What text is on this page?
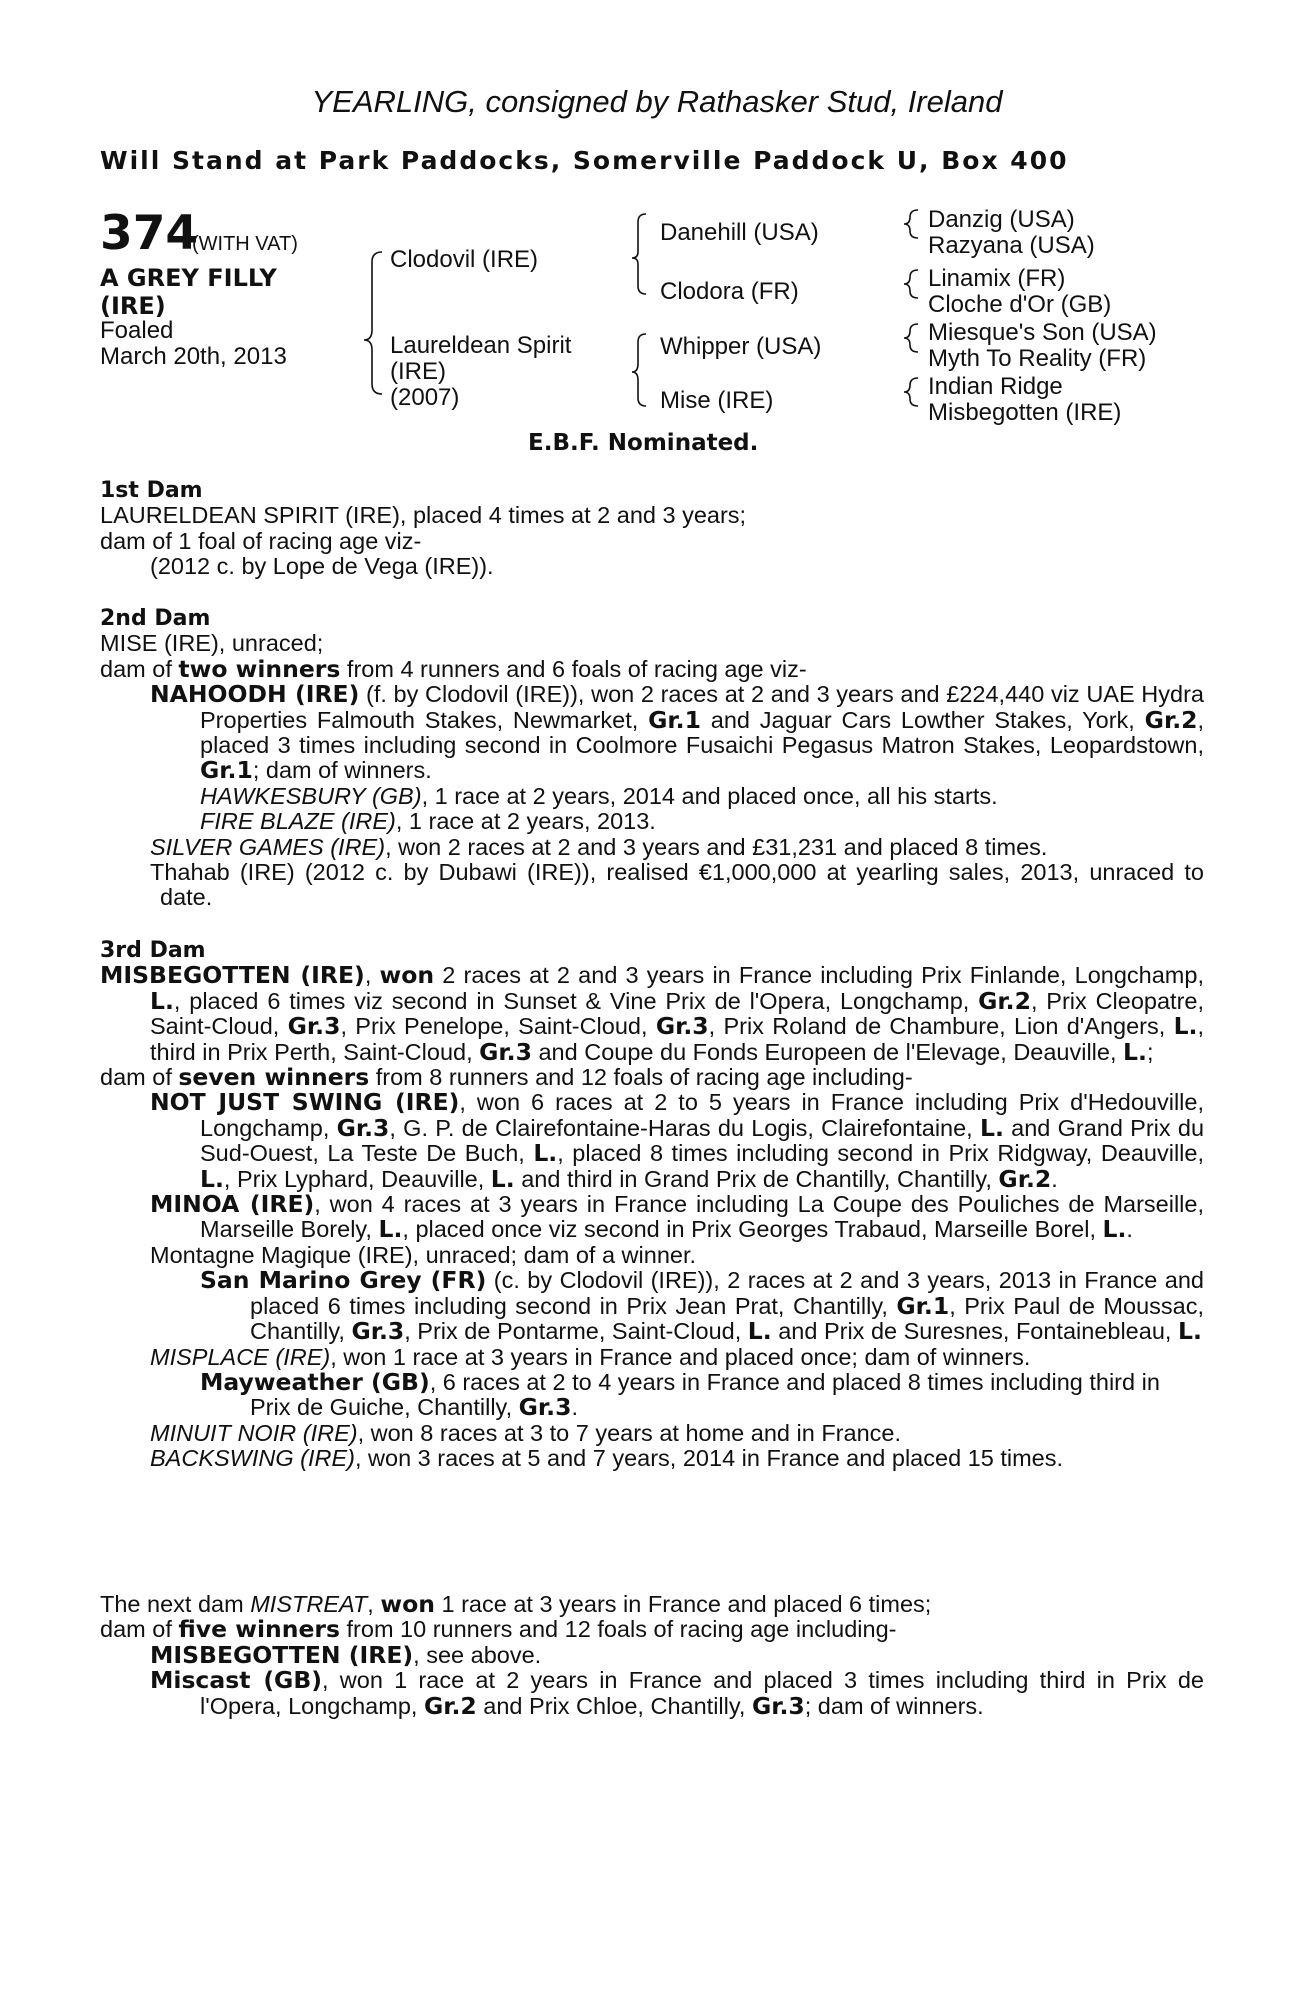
YEARLING, consigned by Rathasker Stud, Ireland
Will Stand at Park Paddocks, Somerville Paddock U, Box 400
374
(WITH VAT)
A GREY FILLY
(IRE)
Foaled
March 20th, 2013
Clodovil (IRE)
Laureldean Spirit
(IRE)
(2007)
Danehill (USA)
Clodora (FR)
Whipper (USA)
Mise (IRE)
Danzig (USA)
Razyana (USA)
Linamix (FR)
Cloche d'Or (GB)
Miesque's Son (USA)
Myth To Reality (FR)
Indian Ridge
Misbegotten (IRE)
E.B.F. Nominated.

1st Dam

LAURELDEAN SPIRIT (IRE), placed 4 times at 2 and 3 years;

dam of 1 foal of racing age viz-

(2012 c. by Lope de Vega (IRE)).

2nd Dam

MISE (IRE), unraced;

dam of two winners from 4 runners and 6 foals of racing age viz-

NAHOODH (IRE) (f. by Clodovil (IRE)), won 2 races at 2 and 3 years and £224,440 viz UAE Hydra Properties Falmouth Stakes, Newmarket, Gr.1 and Jaguar Cars Lowther Stakes, York, Gr.2, placed 3 times including second in Coolmore Fusaichi Pegasus Matron Stakes, Leopardstown, Gr.1; dam of winners.

HAWKESBURY (GB), 1 race at 2 years, 2014 and placed once, all his starts.

FIRE BLAZE (IRE), 1 race at 2 years, 2013.

SILVER GAMES (IRE), won 2 races at 2 and 3 years and £31,231 and placed 8 times.

Thahab (IRE) (2012 c. by Dubawi (IRE)), realised €1,000,000 at yearling sales, 2013, unraced to date.

3rd Dam

MISBEGOTTEN (IRE), won 2 races at 2 and 3 years in France including Prix Finlande, Longchamp, L., placed 6 times viz second in Sunset & Vine Prix de l'Opera, Longchamp, Gr.2, Prix Cleopatre, Saint-Cloud, Gr.3, Prix Penelope, Saint-Cloud, Gr.3, Prix Roland de Chambure, Lion d'Angers, L., third in Prix Perth, Saint-Cloud, Gr.3 and Coupe du Fonds Europeen de l'Elevage, Deauville, L.;

dam of seven winners from 8 runners and 12 foals of racing age including-

NOT JUST SWING (IRE), won 6 races at 2 to 5 years in France including Prix d'Hedouville, Longchamp, Gr.3, G. P. de Clairefontaine-Haras du Logis, Clairefontaine, L. and Grand Prix du Sud-Ouest, La Teste De Buch, L., placed 8 times including second in Prix Ridgway, Deauville, L., Prix Lyphard, Deauville, L. and third in Grand Prix de Chantilly, Chantilly, Gr.2.

MINOA (IRE), won 4 races at 3 years in France including La Coupe des Pouliches de Marseille, Marseille Borely, L., placed once viz second in Prix Georges Trabaud, Marseille Borel, L..

Montagne Magique (IRE), unraced; dam of a winner.

San Marino Grey (FR) (c. by Clodovil (IRE)), 2 races at 2 and 3 years, 2013 in France and placed 6 times including second in Prix Jean Prat, Chantilly, Gr.1, Prix Paul de Moussac, Chantilly, Gr.3, Prix de Pontarme, Saint-Cloud, L. and Prix de Suresnes, Fontainebleau, L.

MISPLACE (IRE), won 1 race at 3 years in France and placed once; dam of winners.

Mayweather (GB), 6 races at 2 to 4 years in France and placed 8 times including third in Prix de Guiche, Chantilly, Gr.3.

MINUIT NOIR (IRE), won 8 races at 3 to 7 years at home and in France.

BACKSWING (IRE), won 3 races at 5 and 7 years, 2014 in France and placed 15 times.

The next dam MISTREAT, won 1 race at 3 years in France and placed 6 times;

dam of five winners from 10 runners and 12 foals of racing age including-

MISBEGOTTEN (IRE), see above.

Miscast (GB), won 1 race at 2 years in France and placed 3 times including third in Prix de l'Opera, Longchamp, Gr.2 and Prix Chloe, Chantilly, Gr.3; dam of winners.
